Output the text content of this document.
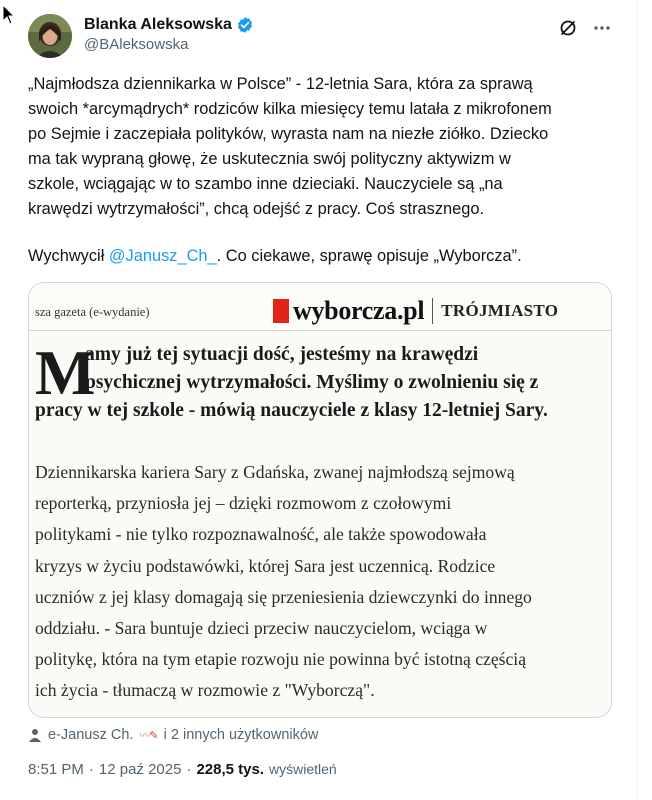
Blanka Aleksowska
@BAleksowska
„Najmłodsza dziennikarka w Polsce” - 12-letnia Sara, która za sprawą
swoich *arcymądrych* rodziców kilka miesięcy temu latała z mikrofonem
po Sejmie i zaczepiała polityków, wyrasta nam na niezłe ziółko. Dziecko
ma tak wypraną głowę, że uskutecznia swój polityczny aktywizm w
szkole, wciągając w to szambo inne dzieciaki. Nauczyciele są „na
krawędzi wytrzymałości”, chcą odejść z pracy. Coś strasznego.
Wychwycił @Janusz_Ch_. Co ciekawe, sprawę opisuje „Wyborcza”.
sza gazeta (e-wydanie)	wyborcza.pl TRÓJMIASTO
M
amy już tej sytuacji dość, jesteśmy na krawędzi
psychicznej wytrzymałości. Myślimy o zwolnieniu się z
pracy w tej szkole - mówią nauczyciele z klasy 12-letniej Sary.
Dziennikarska kariera Sary z Gdańska, zwanej najmłodszą sejmową
reporterką, przyniosła jej – dzięki rozmowom z czołowymi
politykami - nie tylko rozpoznawalność, ale także spowodowała
kryzys w życiu podstawówki, której Sara jest uczennicą. Rodzice
uczniów z jej klasy domagają się przeniesienia dziewczynki do innego
oddziału. - Sara buntuje dzieci przeciw nauczycielom, wciąga w
politykę, która na tym etapie rozwoju nie powinna być istotną częścią
ich życia - tłumaczą w rozmowie z "Wyborczą".
e-Janusz Ch. 〰✎ i 2 innych użytkowników
8:51 PM · 12 paź 2025 · 228,5 tys. wyświetleń
